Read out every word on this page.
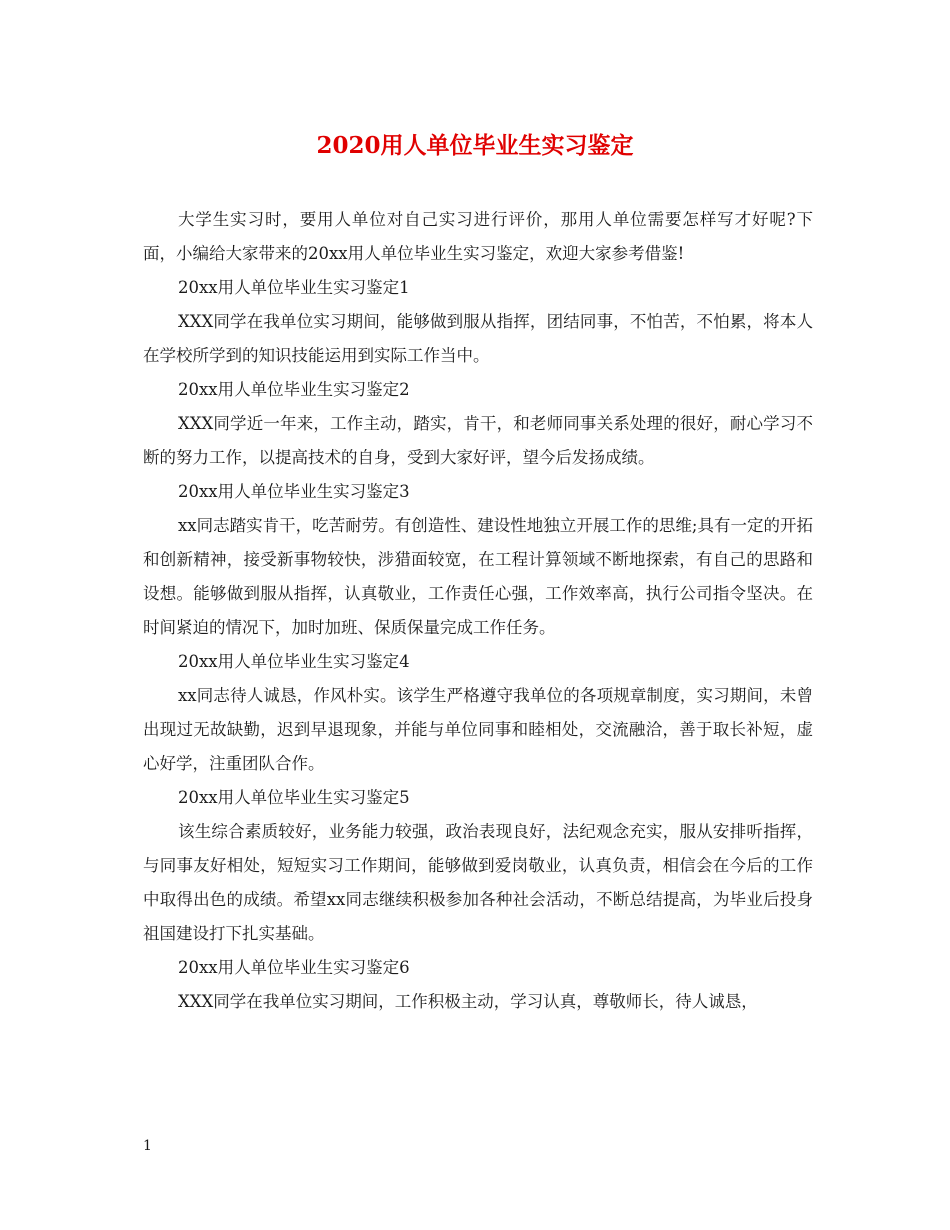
2020用人单位毕业生实习鉴定

大学生实习时，要用人单位对自己实习进行评价，那用人单位需要怎样写才好呢?下面，小编给大家带来的20xx用人单位毕业生实习鉴定，欢迎大家参考借鉴!

20xx用人单位毕业生实习鉴定1

XXX同学在我单位实习期间，能够做到服从指挥，团结同事，不怕苦，不怕累，将本人在学校所学到的知识技能运用到实际工作当中。

20xx用人单位毕业生实习鉴定2

XXX同学近一年来，工作主动，踏实，肯干，和老师同事关系处理的很好，耐心学习不断的努力工作，以提高技术的自身，受到大家好评，望今后发扬成绩。

20xx用人单位毕业生实习鉴定3

xx同志踏实肯干，吃苦耐劳。有创造性、建设性地独立开展工作的思维;具有一定的开拓和创新精神，接受新事物较快，涉猎面较宽，在工程计算领域不断地探索，有自己的思路和设想。能够做到服从指挥，认真敬业，工作责任心强，工作效率高，执行公司指令坚决。在时间紧迫的情况下，加时加班、保质保量完成工作任务。

20xx用人单位毕业生实习鉴定4

xx同志待人诚恳，作风朴实。该学生严格遵守我单位的各项规章制度，实习期间，未曾出现过无故缺勤，迟到早退现象，并能与单位同事和睦相处，交流融洽，善于取长补短，虚心好学，注重团队合作。

20xx用人单位毕业生实习鉴定5

该生综合素质较好，业务能力较强，政治表现良好，法纪观念充实，服从安排听指挥，与同事友好相处，短短实习工作期间，能够做到爱岗敬业，认真负责，相信会在今后的工作中取得出色的成绩。希望xx同志继续积极参加各种社会活动，不断总结提高，为毕业后投身祖国建设打下扎实基础。

20xx用人单位毕业生实习鉴定6

XXX同学在我单位实习期间，工作积极主动，学习认真，尊敬师长，待人诚恳，

1
